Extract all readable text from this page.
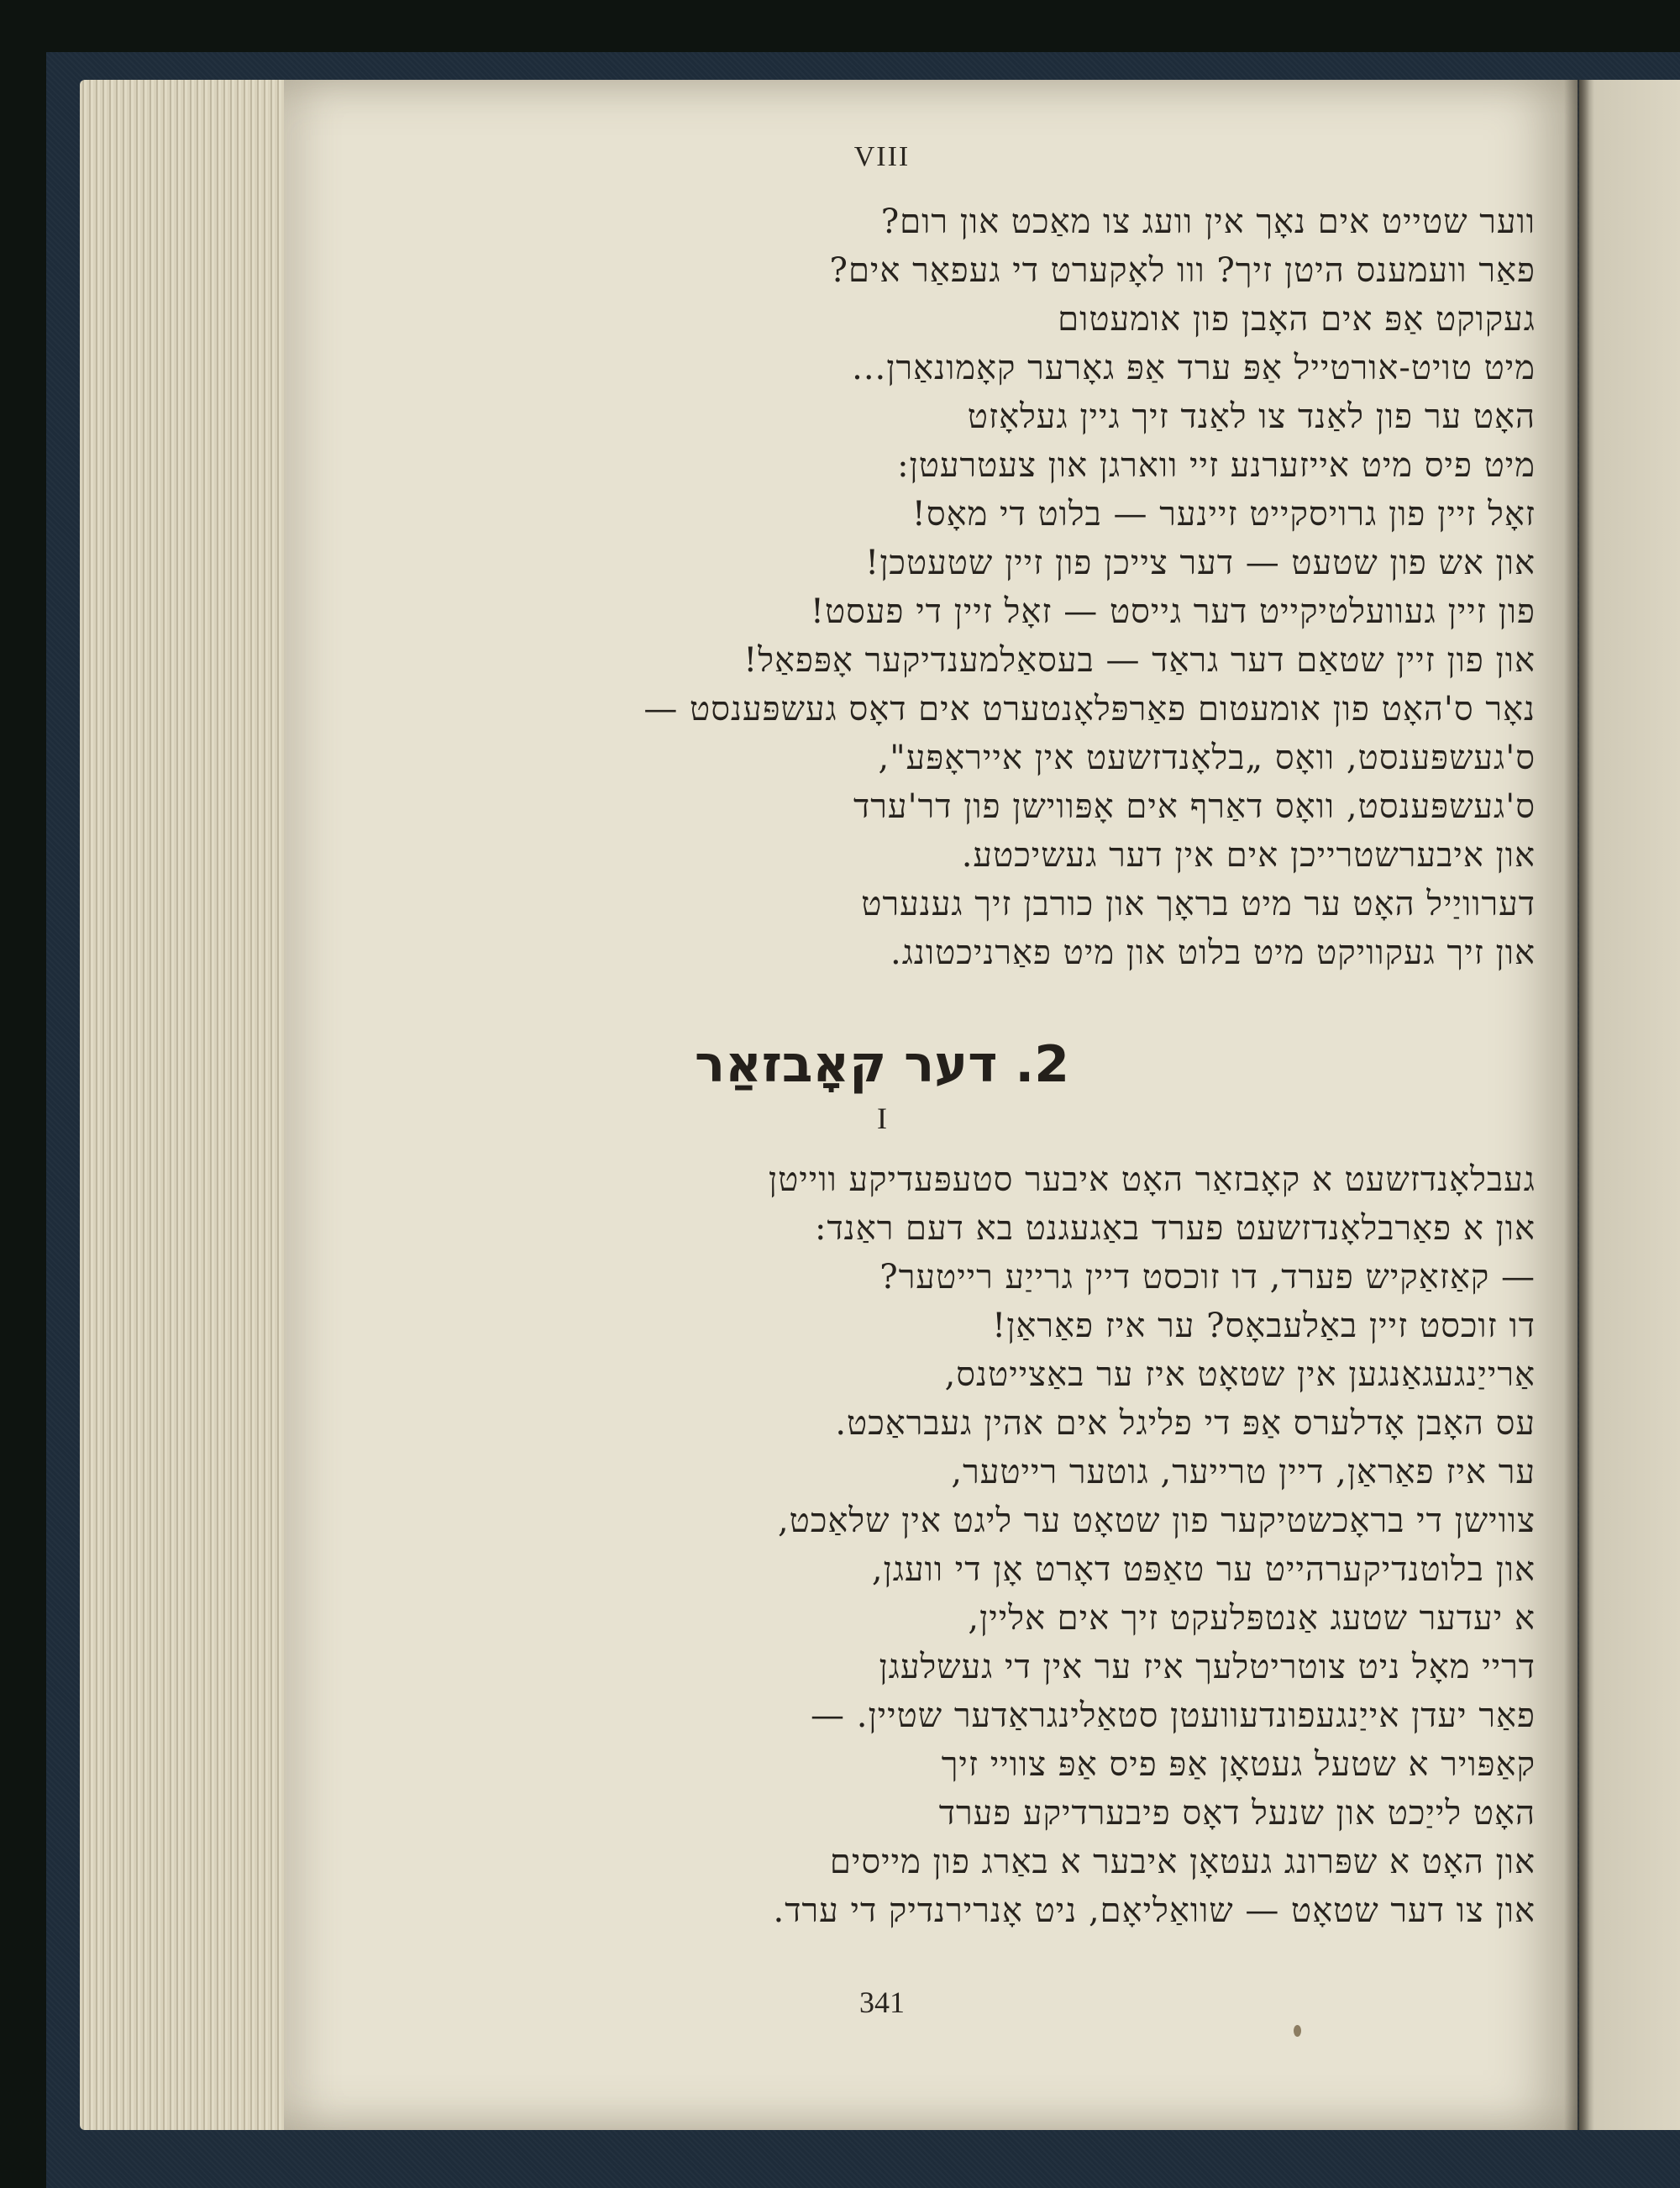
VIII
ווער שטייט אים נאָך אין וועג צו מאַכט און רום?
פאַר וועמענס היטן זיך? ווו לאָקערט די געפאַר אים?
געקוקט אַפּ אים האָבן פון אומעטום
מיט טויט-אורטייל אַפּ ערד אַפּ גאָרער קאָמונאַרן...
האָט ער פון לאַנד צו לאַנד זיך גיין געלאָזט
מיט פיס מיט אייזערנע זיי ווארגן און צעטרעטן:
זאָל זיין פון גרויסקייט זיינער — בלוט די מאָס!
און אש פון שטעט — דער צייכן פון זיין שטעטכן!
פון זיין געוועלטיקייט דער גייסט — זאָל זיין די פעסט!
און פון זיין שטאַם דער גראַד — בעסאַלמענדיקער אָפּפאַל!
נאָר ס'האָט פון אומעטום פאַרפּלאָנטערט אים דאָס געשפּענסט —
ס'געשפּענסט, וואָס „בלאָנדזשעט אין אייראָפּע",
ס'געשפּענסט, וואָס דאַרף אים אָפּווישן פון דר'ערד
און איבערשטרייכן אים אין דער געשיכטע.
דערוויַיל האָט ער מיט בראָך און כורבן זיך גענערט
און זיך געקוויקט מיט בלוט און מיט פאַרניכטונג.
2. דער קאָבזאַר
I
געבלאָנדזשעט א קאָבזאַר האָט איבער סטעפּעדיקע ווייטן
און א פאַרבלאָנדזשעט פערד באַגעגנט בא דעם ראַנד:
— קאַזאַקיש פערד, דו זוכסט דיין גרייַע רייטער?
דו זוכסט זיין באַלעבאָס? ער איז פאַראַן!
אַרייַנגעגאַנגען אין שטאָט איז ער באַצייטנס,
עס האָבן אָדלערס אַפּ די פליגל אים אהין געבראַכט.
ער איז פאַראַן, דיין טרייער, גוטער רייטער,
צווישן די בראָכשטיקער פון שטאָט ער ליגט אין שלאַכט,
און בלוטנדיקערהייט ער טאַפּט דאָרט אָן די וועגן,
א יעדער שטעג אַנטפּלעקט זיך אים אליין,
דריי מאָל ניט צוטריטלעך איז ער אין די געשלעגן
פאַר יעדן אייַנגעפונדעוועטן סטאַלינגראַדער שטיין. —
קאַפּויר א שטעל געטאָן אַפּ פיס אַפּ צוויי זיך
האָט לייַכט און שנעל דאָס פיבערדיקע פערד
און האָט א שפּרונג געטאָן איבער א באַרג פון מייסים
און צו דער שטאָט — שוואַליאָם, ניט אָנרירנדיק די ערד.
341
